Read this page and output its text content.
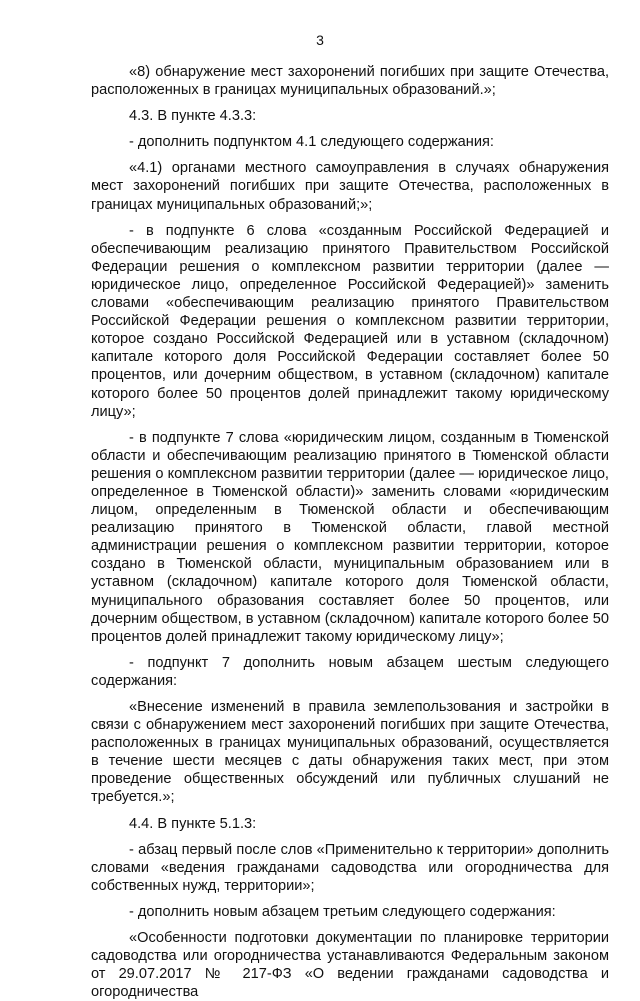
3

«8) обнаружение мест захоронений погибших при защите Отечества, расположенных в границах муниципальных образований.»;

4.3. В пункте 4.3.3:

- дополнить подпунктом 4.1 следующего содержания:

«4.1) органами местного самоуправления в случаях обнаружения мест захоронений погибших при защите Отечества, расположенных в границах муниципальных образований;»;

- в подпункте 6 слова «созданным Российской Федерацией и обеспечивающим реализацию принятого Правительством Российской Федерации решения о комплексном развитии территории (далее — юридическое лицо, определенное Российской Федерацией)» заменить словами «обеспечивающим реализацию принятого Правительством Российской Федерации решения о комплексном развитии территории, которое создано Российской Федерацией или в уставном (складочном) капитале которого доля Российской Федерации составляет более 50 процентов, или дочерним обществом, в уставном (складочном) капитале которого более 50 процентов долей принадлежит такому юридическому лицу»;

- в подпункте 7 слова «юридическим лицом, созданным в Тюменской области и обеспечивающим реализацию принятого в Тюменской области решения о комплексном развитии территории (далее — юридическое лицо, определенное в Тюменской области)» заменить словами «юридическим лицом, определенным в Тюменской области и обеспечивающим реализацию принятого в Тюменской области, главой местной администрации решения о комплексном развитии территории, которое создано в Тюменской области, муниципальным образованием или в уставном (складочном) капитале которого доля Тюменской области, муниципального образования составляет более 50 процентов, или дочерним обществом, в уставном (складочном) капитале которого более 50 процентов долей принадлежит такому юридическому лицу»;

- подпункт 7 дополнить новым абзацем шестым следующего содержания:

«Внесение изменений в правила землепользования и застройки в связи с обнаружением мест захоронений погибших при защите Отечества, расположенных в границах муниципальных образований, осуществляется в течение шести месяцев с даты обнаружения таких мест, при этом проведение общественных обсуждений или публичных слушаний не требуется.»;

4.4. В пункте 5.1.3:

- абзац первый после слов «Применительно к территории» дополнить словами «ведения гражданами садоводства или огородничества для собственных нужд, территории»;

- дополнить новым абзацем третьим следующего содержания:

«Особенности подготовки документации по планировке территории садоводства или огородничества устанавливаются Федеральным законом от 29.07.2017 № 217-ФЗ «О ведении гражданами садоводства и огородничества
